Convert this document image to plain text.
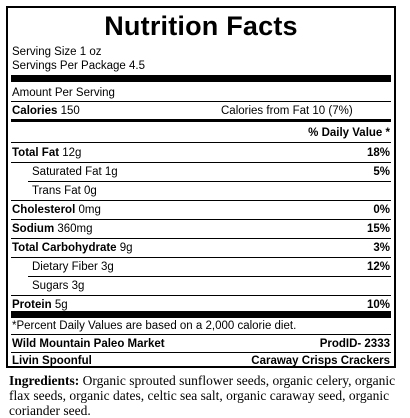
Nutrition Facts
Serving Size 1 oz
Servings Per Package 4.5
Amount Per Serving
Calories 150	Calories from Fat 10 (7%)
% Daily Value *
Total Fat 12g	18%
Saturated Fat 1g	5%
Trans Fat 0g
Cholesterol 0mg	0%
Sodium 360mg	15%
Total Carbohydrate 9g	3%
Dietary Fiber 3g	12%
Sugars 3g
Protein 5g	10%
*Percent Daily Values are based on a 2,000 calorie diet.
Wild Mountain Paleo Market	ProdID- 2333
Livin Spoonful	Caraway Crisps Crackers
Ingredients: Organic sprouted sunflower seeds, organic celery, organic flax seeds, organic dates, celtic sea salt, organic caraway seed, organic coriander seed.
